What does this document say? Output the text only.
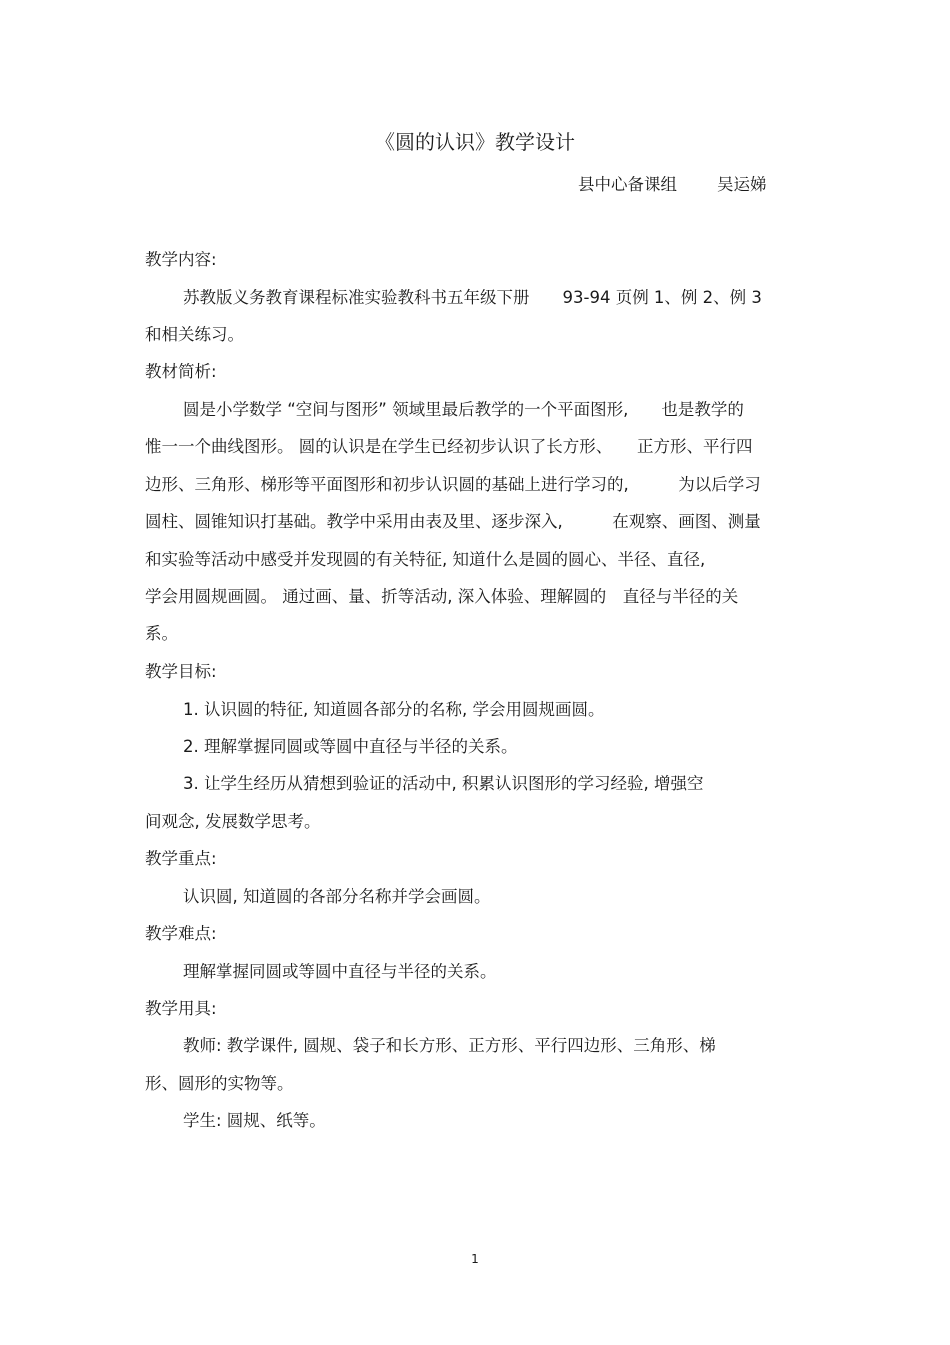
《圆的认识》教学设计
县中心备课组 吴运娣
教学内容:
苏教版义务教育课程标准实验教科书五年级下册　　93-94 页例 1、例 2、例 3
和相关练习。
教材简析:
圆是小学数学 “空间与图形” 领域里最后教学的一个平面图形,　　也是教学的
惟一一个曲线图形。 圆的认识是在学生已经初步认识了长方形、　　正方形、平行四
边形、三角形、梯形等平面图形和初步认识圆的基础上进行学习的,　　　为以后学习
圆柱、圆锥知识打基础。教学中采用由表及里、逐步深入,　　　在观察、画图、测量
和实验等活动中感受并发现圆的有关特征, 知道什么是圆的圆心、半径、直径,
学会用圆规画圆。 通过画、量、折等活动, 深入体验、理解圆的　直径与半径的关
系。
教学目标:
1. 认识圆的特征, 知道圆各部分的名称, 学会用圆规画圆。
2. 理解掌握同圆或等圆中直径与半径的关系。
3. 让学生经历从猜想到验证的活动中, 积累认识图形的学习经验, 增强空
间观念, 发展数学思考。
教学重点:
认识圆, 知道圆的各部分名称并学会画圆。
教学难点:
理解掌握同圆或等圆中直径与半径的关系。
教学用具:
教师: 教学课件, 圆规、袋子和长方形、正方形、平行四边形、三角形、梯
形、圆形的实物等。
学生: 圆规、纸等。
1
